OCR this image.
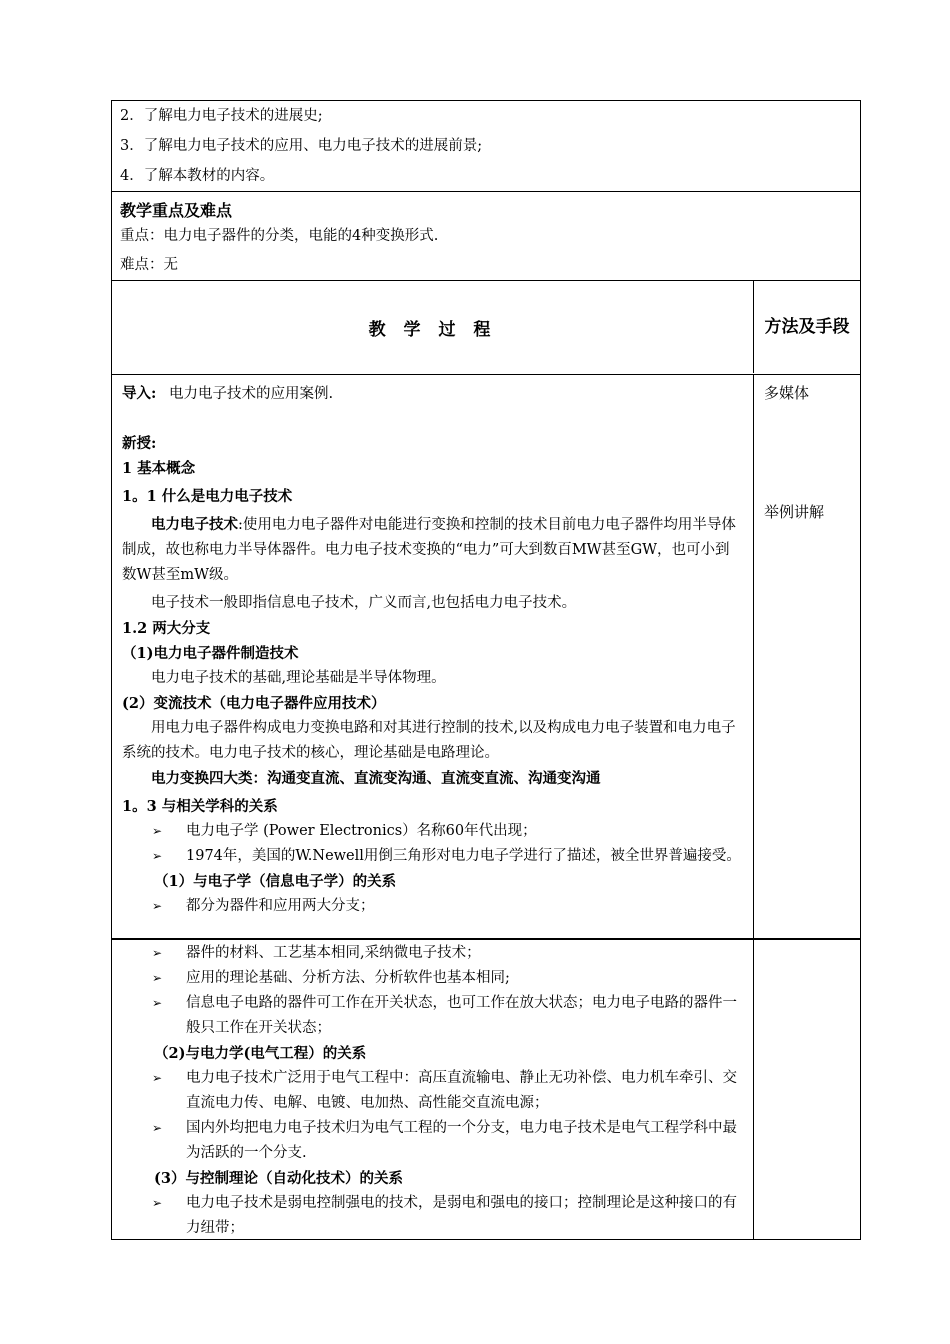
2．了解电力电子技术的进展史;
3．了解电力电子技术的应用、电力电子技术的进展前景;
4．了解本教材的内容。
教学重点及难点
重点：电力电子器件的分类，电能的4种变换形式.
难点：无
教 学 过 程	方法及手段
导入: 电力电子技术的应用案例.
新授:
1 基本概念
1。1 什么是电力电子技术
电力电子技术:使用电力电子器件对电能进行变换和控制的技术目前电力电子器件均用半导体制成，故也称电力半导体器件。电力电子技术变换的“电力”可大到数百MW甚至GW，也可小到数W甚至mW级。
电子技术一般即指信息电子技术，广义而言,也包括电力电子技术。
1.2 两大分支
（1)电力电子器件制造技术
电力电子技术的基础,理论基础是半导体物理。
(2）变流技术（电力电子器件应用技术）
用电力电子器件构成电力变换电路和对其进行控制的技术,以及构成电力电子装置和电力电子系统的技术。电力电子技术的核心，理论基础是电路理论。
电力变换四大类：沟通变直流、直流变沟通、直流变直流、沟通变沟通
1。3 与相关学科的关系
➢	电力电子学 (Power Electronics）名称60年代出现；
➢	1974年，美国的W.Newell用倒三角形对电力电子学进行了描述，被全世界普遍接受。
（1）与电子学（信息电子学）的关系
➢	都分为器件和应用两大分支；
多媒体
举例讲解
➢	器件的材料、工艺基本相同,采纳微电子技术；
➢	应用的理论基础、分析方法、分析软件也基本相同;
➢	信息电子电路的器件可工作在开关状态，也可工作在放大状态；电力电子电路的器件一般只工作在开关状态；
（2)与电力学(电气工程）的关系
➢	电力电子技术广泛用于电气工程中：高压直流输电、静止无功补偿、电力机车牵引、交直流电力传、电解、电镀、电加热、高性能交直流电源；
➢	国内外均把电力电子技术归为电气工程的一个分支，电力电子技术是电气工程学科中最为活跃的一个分支.
(3）与控制理论（自动化技术）的关系
➢	电力电子技术是弱电控制强电的技术，是弱电和强电的接口；控制理论是这种接口的有力纽带；
